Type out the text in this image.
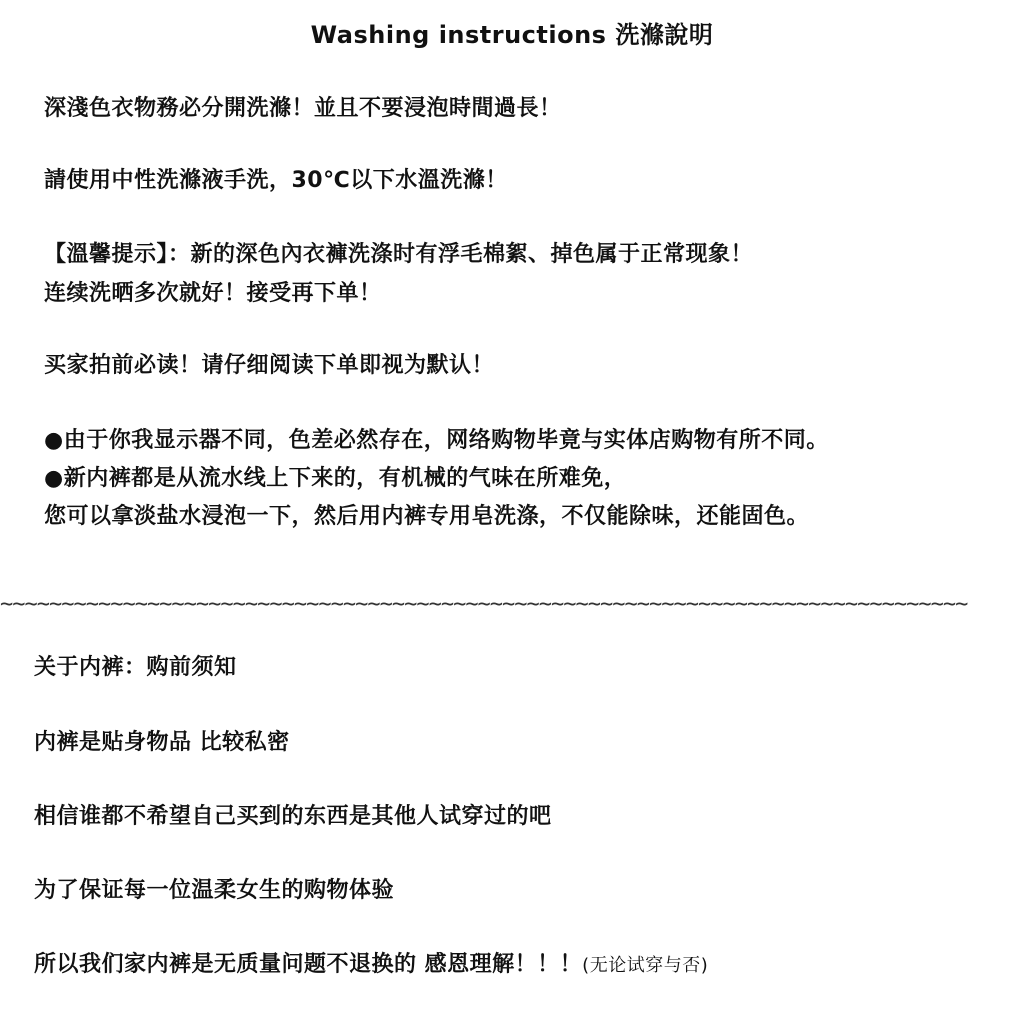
Washing instructions 洗滌說明
深淺色衣物務必分開洗滌！並且不要浸泡時間過長！
請使用中性洗滌液手洗，30℃以下水溫洗滌！
【溫馨提示】：新的深色內衣褲洗涤时有浮毛棉絮、掉色属于正常现象！
连续洗晒多次就好！接受再下单！
买家拍前必读！请仔细阅读下单即视为默认！
●由于你我显示器不同，色差必然存在，网络购物毕竟与实体店购物有所不同。
●新内裤都是从流水线上下来的，有机械的气味在所难免，
您可以拿淡盐水浸泡一下，然后用内裤专用皂洗涤，不仅能除味，还能固色。
~~~~~~~~~~~~~~~~~~~~~~~~~~~~~~~~~~~~~~~~~~~~~~~~~~~~~~~~~~~~~~~~~~~~~~~~~~~~~~~
关于内裤：购前须知
内裤是贴身物品 比较私密
相信谁都不希望自己买到的东西是其他人试穿过的吧
为了保证每一位温柔女生的购物体验
所以我们家内裤是无质量问题不退换的 感恩理解！！！(无论试穿与否)
